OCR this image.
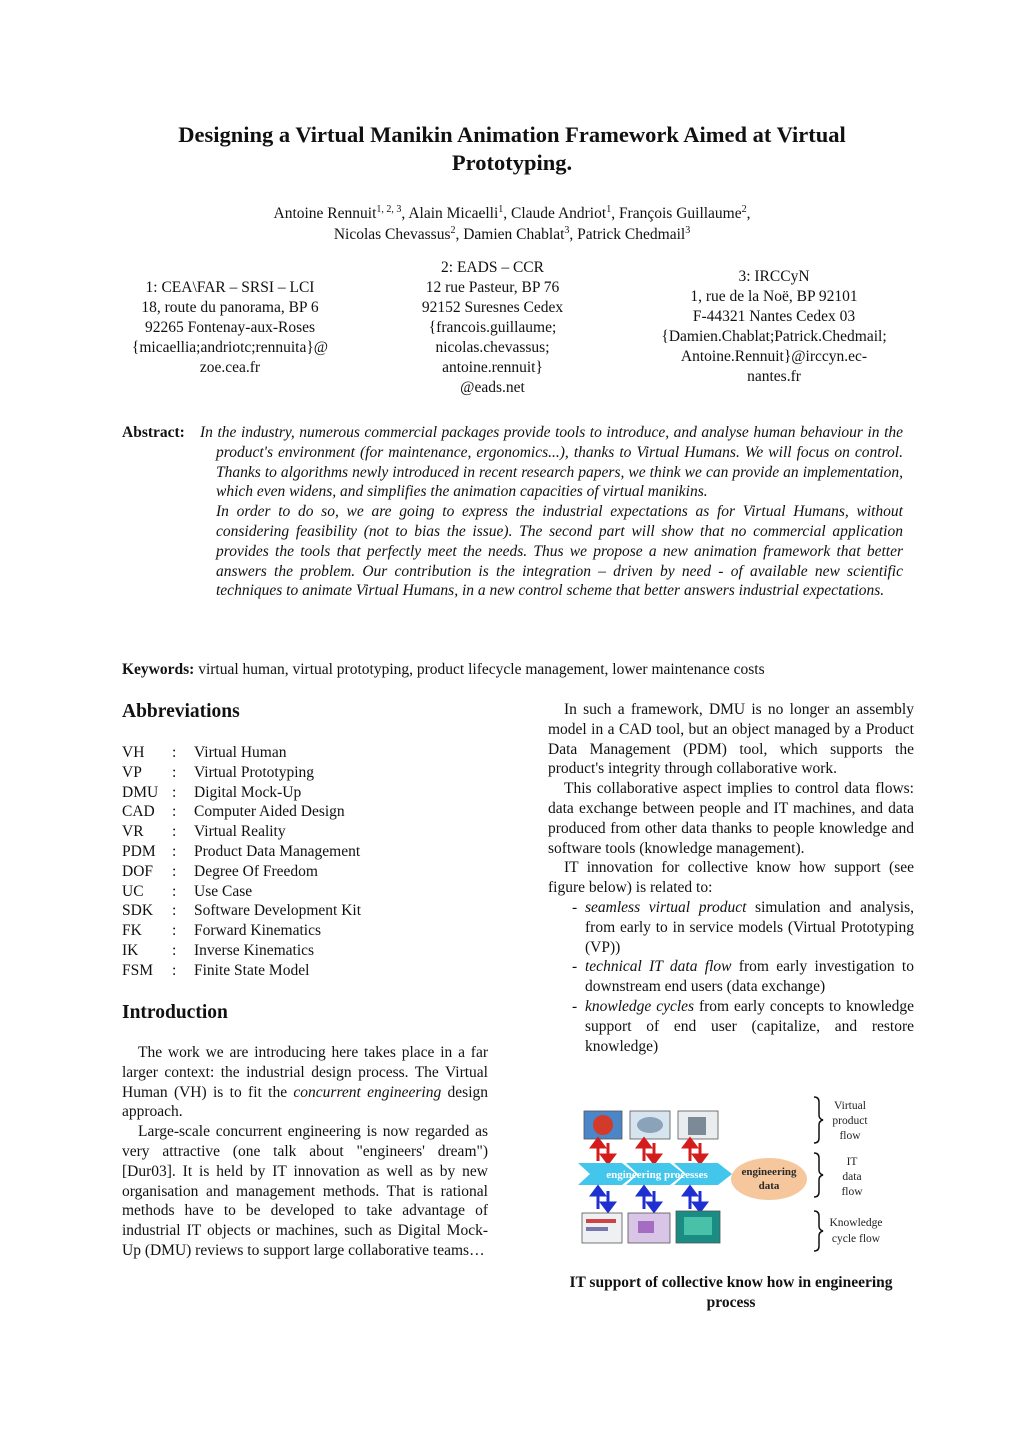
Designing a Virtual Manikin Animation Framework Aimed at Virtual Prototyping.
Antoine Rennuit$^{1, 2, 3}$, Alain Micaelli$^1$, Claude Andriot$^1$, François Guillaume$^2$,
Nicolas Chevassus$^2$, Damien Chablat$^3$, Patrick Chedmail$^3$
1: CEA\FAR – SRSI – LCI
18, route du panorama, BP 6
92265 Fontenay-aux-Roses
{micaellia;andriotc;rennuita}@
zoe.cea.fr
2: EADS – CCR
12 rue Pasteur, BP 76
92152 Suresnes Cedex
{francois.guillaume;
nicolas.chevassus;
antoine.rennuit}
@eads.net
3: IRCCyN
1, rue de la Noë, BP 92101
F-44321 Nantes Cedex 03
{Damien.Chablat;Patrick.Chedmail;
Antoine.Rennuit}@irccyn.ec-
nantes.fr
Abstract: In the industry, numerous commercial packages provide tools to introduce, and analyse human behaviour in the product's environment (for maintenance, ergonomics...), thanks to Virtual Humans. We will focus on control. Thanks to algorithms newly introduced in recent research papers, we think we can provide an implementation, which even widens, and simplifies the animation capacities of virtual manikins.
In order to do so, we are going to express the industrial expectations as for Virtual Humans, without considering feasibility (not to bias the issue). The second part will show that no commercial application provides the tools that perfectly meet the needs. Thus we propose a new animation framework that better answers the problem. Our contribution is the integration – driven by need - of available new scientific techniques to animate Virtual Humans, in a new control scheme that better answers industrial expectations.
Keywords: virtual human, virtual prototyping, product lifecycle management, lower maintenance costs
Abbreviations
VH	:	Virtual Human
VP	:	Virtual Prototyping
DMU :	Digital Mock-Up
CAD	:	Computer Aided Design
VR	:	Virtual Reality
PDM	:	Product Data Management
DOF	:	Degree Of Freedom
UC	:	Use Case
SDK	:	Software Development Kit
FK	:	Forward Kinematics
IK	:	Inverse Kinematics
FSM	:	Finite State Model
Introduction

The work we are introducing here takes place in a far larger context: the industrial design process. The Virtual Human (VH) is to fit the concurrent engineering design approach.

Large-scale concurrent engineering is now regarded as very attractive (one talk about "engineers' dream") [Dur03]. It is held by IT innovation as well as by new organisation and management methods. That is rational methods have to be developed to take advantage of industrial IT objects or machines, such as Digital Mock-Up (DMU) reviews to support large collaborative teams…

In such a framework, DMU is no longer an assembly model in a CAD tool, but an object managed by a Product Data Management (PDM) tool, which supports the product's integrity through collaborative work.

This collaborative aspect implies to control data flows: data exchange between people and IT machines, and data produced from other data thanks to people knowledge and software tools (knowledge management).

IT innovation for collective know how support (see figure below) is related to:

- seamless virtual product simulation and analysis, from early to in service models (Virtual Prototyping (VP))
- technical IT data flow from early investigation to downstream end users (data exchange)
- knowledge cycles from early concepts to knowledge support of end user (capitalize, and restore knowledge)
engineering processes	engineering
data
Virtual
product
flow
IT
data
flow
Knowledge
cycle flow
IT support of collective know how in engineering process
